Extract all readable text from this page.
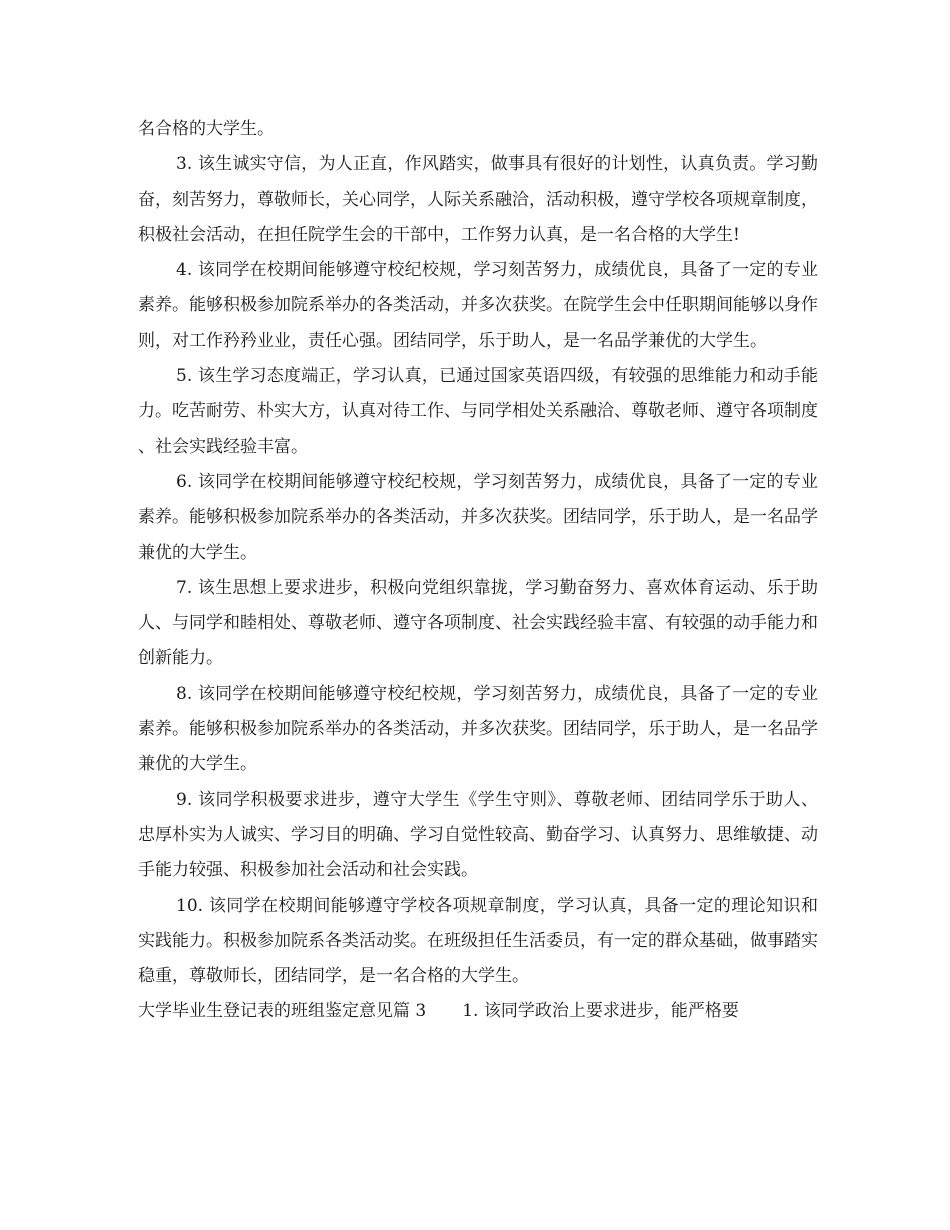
名合格的大学生。

3. 该生诚实守信，为人正直，作风踏实，做事具有很好的计划性，认真负责。学习勤奋，刻苦努力，尊敬师长，关心同学，人际关系融洽，活动积极，遵守学校各项规章制度，积极社会活动，在担任院学生会的干部中，工作努力认真，是一名合格的大学生!

4. 该同学在校期间能够遵守校纪校规，学习刻苦努力，成绩优良，具备了一定的专业素养。能够积极参加院系举办的各类活动，并多次获奖。在院学生会中任职期间能够以身作则，对工作矜矜业业，责任心强。团结同学，乐于助人，是一名品学兼优的大学生。

5. 该生学习态度端正，学习认真，已通过国家英语四级，有较强的思维能力和动手能力。吃苦耐劳、朴实大方，认真对待工作、与同学相处关系融洽、尊敬老师、遵守各项制度、社会实践经验丰富。

6. 该同学在校期间能够遵守校纪校规，学习刻苦努力，成绩优良，具备了一定的专业素养。能够积极参加院系举办的各类活动，并多次获奖。团结同学，乐于助人，是一名品学兼优的大学生。

7. 该生思想上要求进步，积极向党组织靠拢，学习勤奋努力、喜欢体育运动、乐于助人、与同学和睦相处、尊敬老师、遵守各项制度、社会实践经验丰富、有较强的动手能力和创新能力。

8. 该同学在校期间能够遵守校纪校规，学习刻苦努力，成绩优良，具备了一定的专业素养。能够积极参加院系举办的各类活动，并多次获奖。团结同学，乐于助人，是一名品学兼优的大学生。

9. 该同学积极要求进步，遵守大学生《学生守则》、尊敬老师、团结同学乐于助人、忠厚朴实为人诚实、学习目的明确、学习自觉性较高、勤奋学习、认真努力、思维敏捷、动手能力较强、积极参加社会活动和社会实践。

10. 该同学在校期间能够遵守学校各项规章制度，学习认真，具备一定的理论知识和实践能力。积极参加院系各类活动奖。在班级担任生活委员，有一定的群众基础，做事踏实稳重，尊敬师长，团结同学，是一名合格的大学生。

大学毕业生登记表的班组鉴定意见篇 3 1. 该同学政治上要求进步，能严格要
